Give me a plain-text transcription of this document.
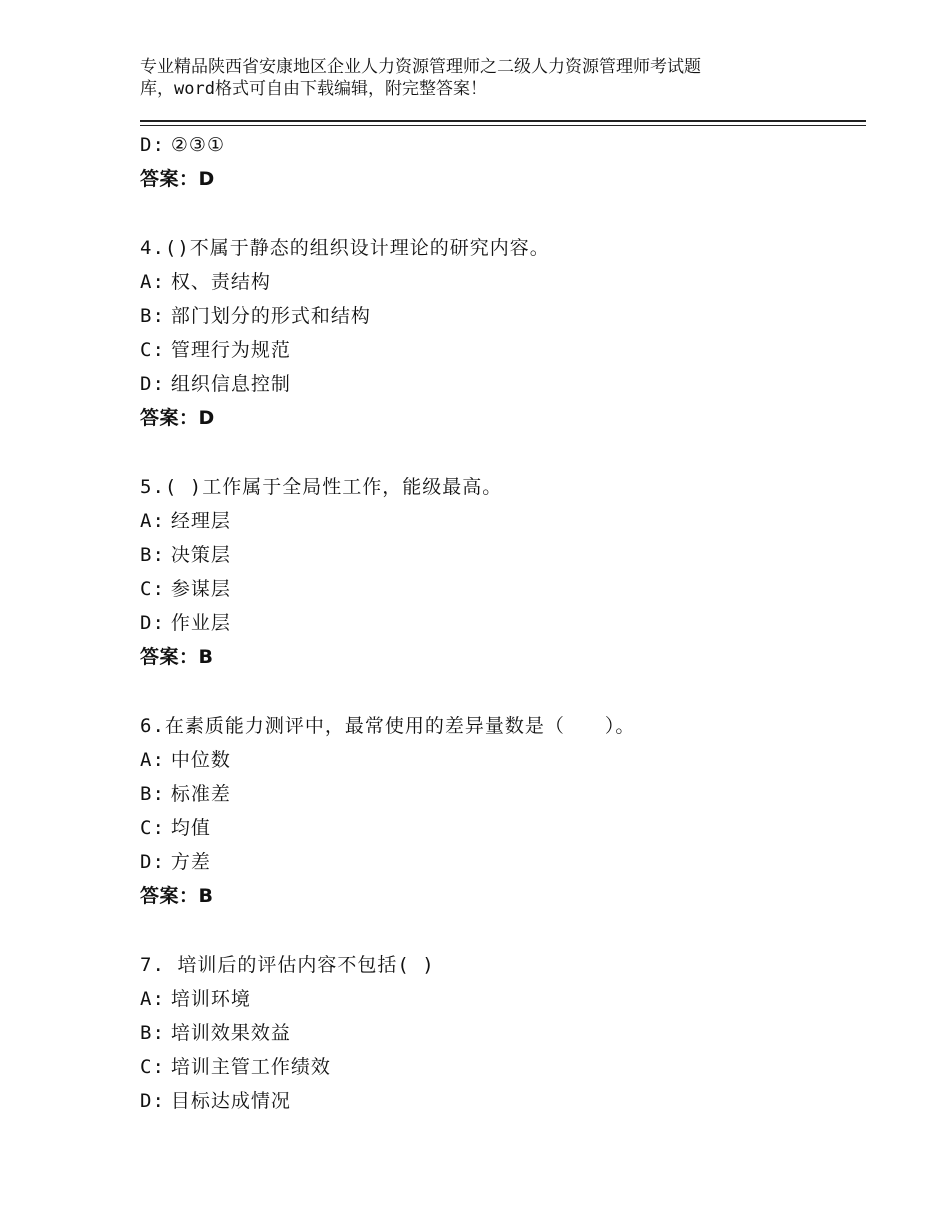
专业精品陕西省安康地区企业人力资源管理师之二级人力资源管理师考试题
库，word格式可自由下载编辑，附完整答案！
D: ②③①
答案：D
4.()不属于静态的组织设计理论的研究内容。
A: 权、责结构
B: 部门划分的形式和结构
C: 管理行为规范
D: 组织信息控制
答案：D
5.( )工作属于全局性工作，能级最高。
A: 经理层
B: 决策层
C: 参谋层
D: 作业层
答案：B
6.在素质能力测评中，最常使用的差异量数是（　　）。
A: 中位数
B: 标准差
C: 均值
D: 方差
答案：B
7. 培训后的评估内容不包括( )
A: 培训环境
B: 培训效果效益
C: 培训主管工作绩效
D: 目标达成情况
